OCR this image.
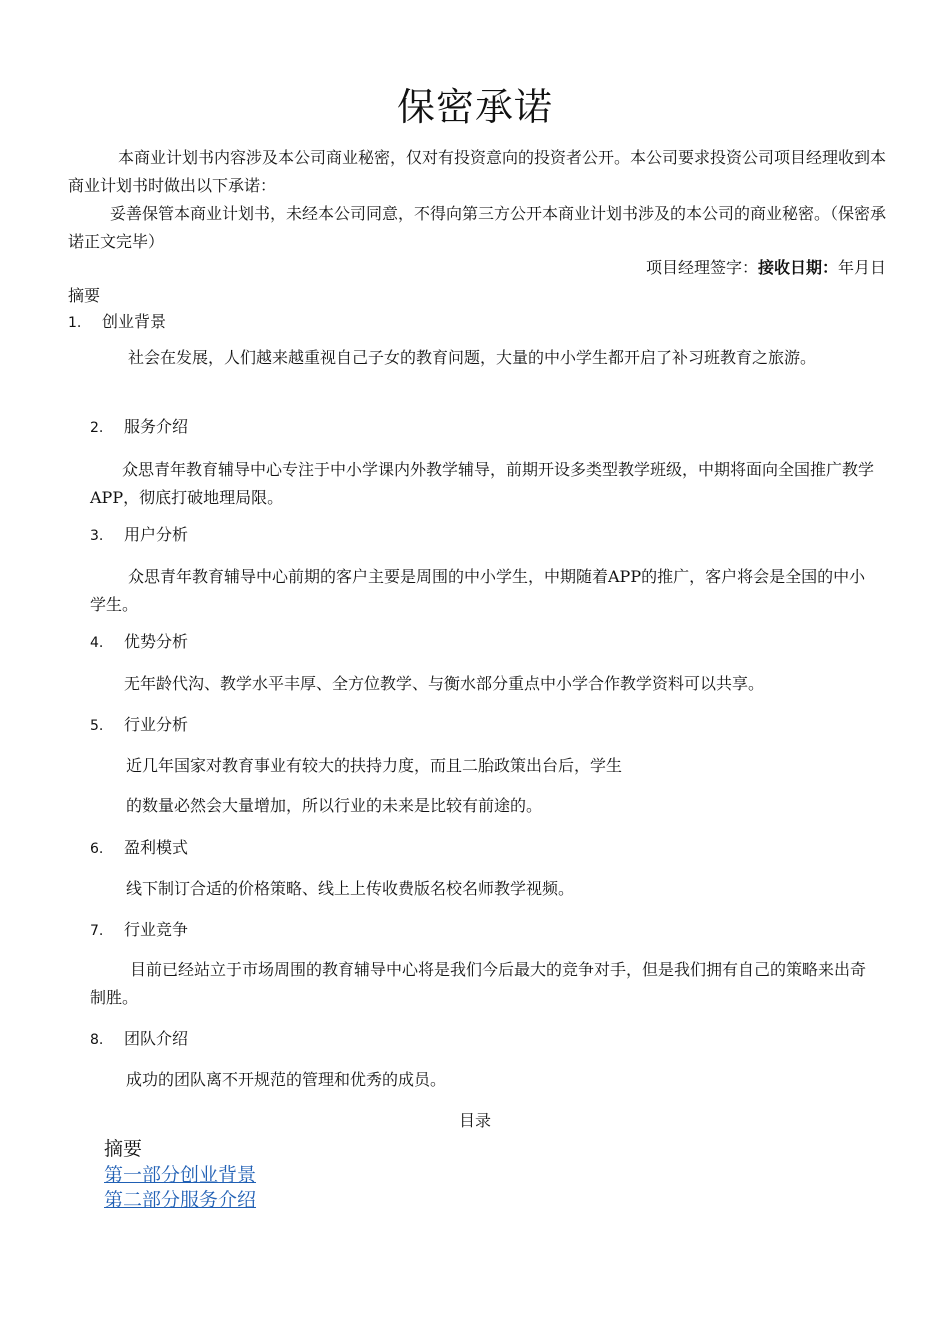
保密承诺

本商业计划书内容涉及本公司商业秘密，仅对有投资意向的投资者公开。本公司要求投资公司项目经理收到本商业计划书时做出以下承诺：

妥善保管本商业计划书，未经本公司同意，不得向第三方公开本商业计划书涉及的本公司的商业秘密。（保密承诺正文完毕）

项目经理签字：接收日期：年月日
摘要
1. 创业背景

社会在发展，人们越来越重视自己子女的教育问题，大量的中小学生都开启了补习班教育之旅游。

2. 服务介绍

众思青年教育辅导中心专注于中小学课内外教学辅导，前期开设多类型教学班级，中期将面向全国推广教学APP，彻底打破地理局限。

3. 用户分析

众思青年教育辅导中心前期的客户主要是周围的中小学生，中期随着APP的推广，客户将会是全国的中小学生。

4. 优势分析

无年龄代沟、教学水平丰厚、全方位教学、与衡水部分重点中小学合作教学资料可以共享。

5. 行业分析

近几年国家对教育事业有较大的扶持力度，而且二胎政策出台后，学生

的数量必然会大量增加，所以行业的未来是比较有前途的。

6. 盈利模式

线下制订合适的价格策略、线上上传收费版名校名师教学视频。

7. 行业竞争

目前已经站立于市场周围的教育辅导中心将是我们今后最大的竞争对手，但是我们拥有自己的策略来出奇制胜。

8. 团队介绍

成功的团队离不开规范的管理和优秀的成员。

目录
摘要
第一部分创业背景
第二部分服务介绍
